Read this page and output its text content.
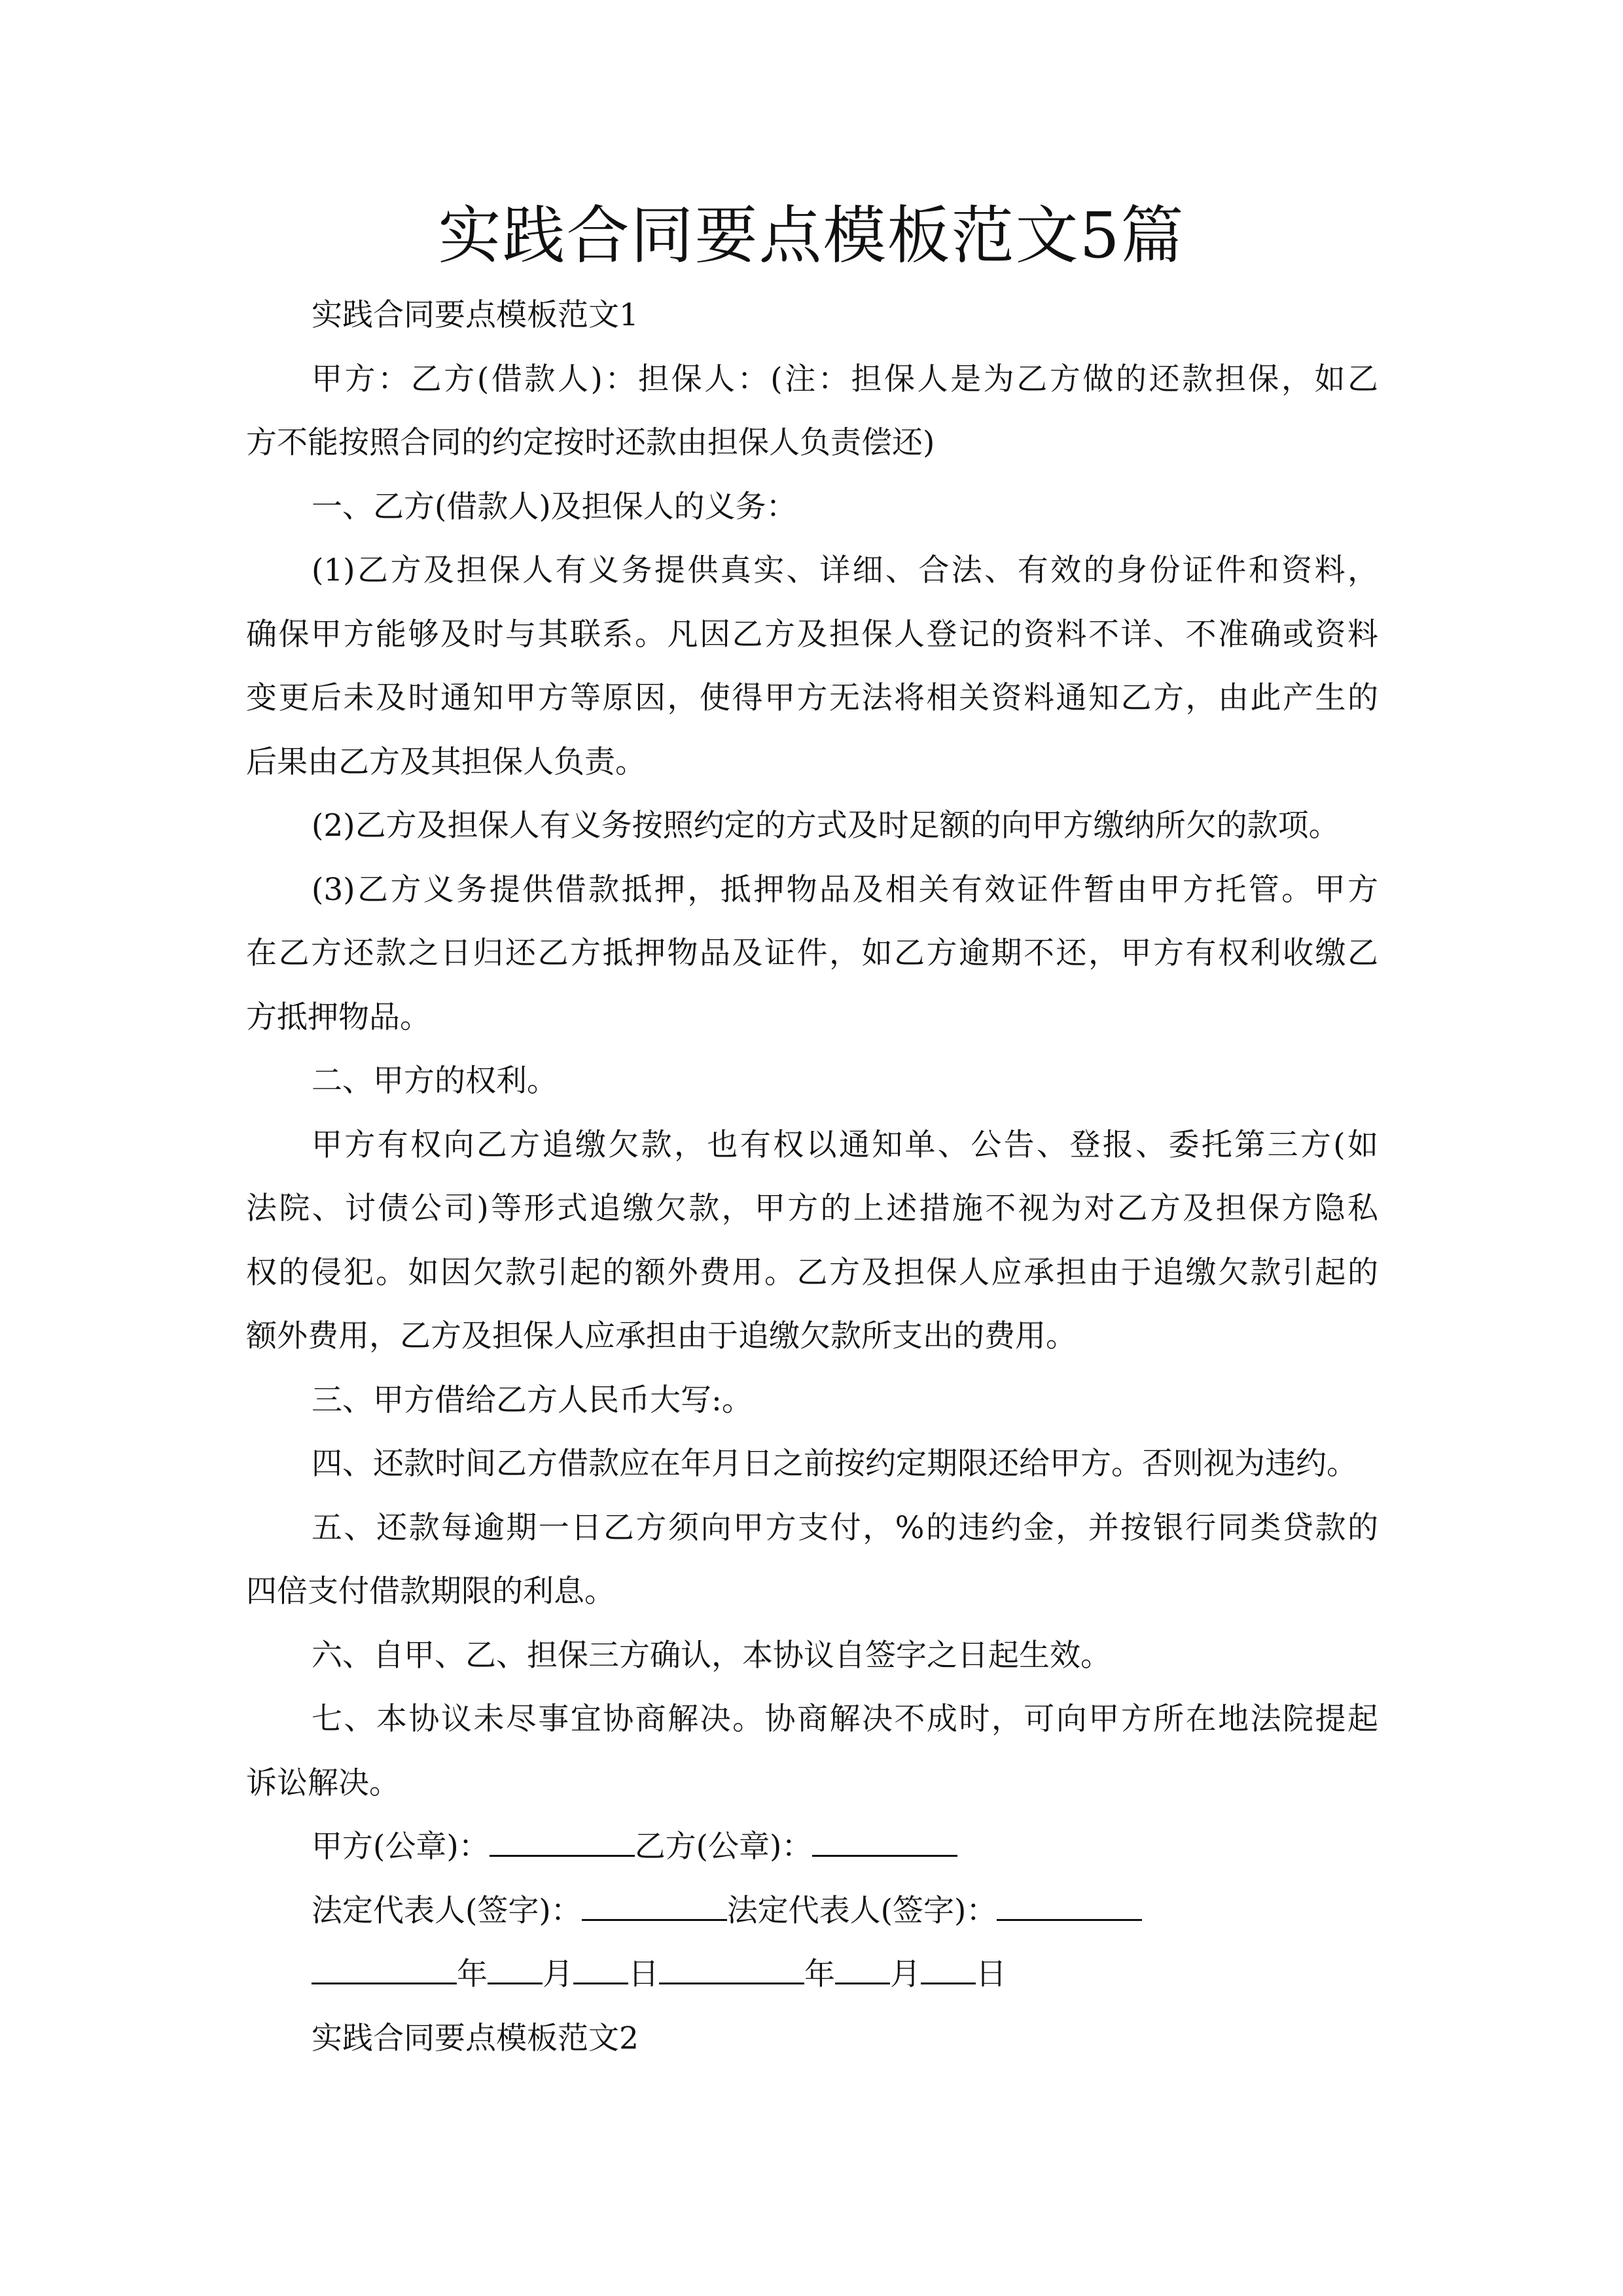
实践合同要点模板范文5篇
实践合同要点模板范文1
甲方：乙方(借款人)：担保人：(注：担保人是为乙方做的还款担保，如乙
方不能按照合同的约定按时还款由担保人负责偿还)
一、乙方(借款人)及担保人的义务：
(1)乙方及担保人有义务提供真实、详细、合法、有效的身份证件和资料，
确保甲方能够及时与其联系。凡因乙方及担保人登记的资料不详、不准确或资料
变更后未及时通知甲方等原因，使得甲方无法将相关资料通知乙方，由此产生的
后果由乙方及其担保人负责。
(2)乙方及担保人有义务按照约定的方式及时足额的向甲方缴纳所欠的款项。
(3)乙方义务提供借款抵押，抵押物品及相关有效证件暂由甲方托管。甲方
在乙方还款之日归还乙方抵押物品及证件，如乙方逾期不还，甲方有权利收缴乙
方抵押物品。
二、甲方的权利。
甲方有权向乙方追缴欠款，也有权以通知单、公告、登报、委托第三方(如
法院、讨债公司)等形式追缴欠款，甲方的上述措施不视为对乙方及担保方隐私
权的侵犯。如因欠款引起的额外费用。乙方及担保人应承担由于追缴欠款引起的
额外费用，乙方及担保人应承担由于追缴欠款所支出的费用。
三、甲方借给乙方人民币大写:。
四、还款时间乙方借款应在年月日之前按约定期限还给甲方。否则视为违约。
五、还款每逾期一日乙方须向甲方支付，%的违约金，并按银行同类贷款的
四倍支付借款期限的利息。
六、自甲、乙、担保三方确认，本协议自签字之日起生效。
七、本协议未尽事宜协商解决。协商解决不成时，可向甲方所在地法院提起
诉讼解决。
甲方(公章)：	乙方(公章)：
法定代表人(签字)：	法定代表人(签字)：
年 月 日	年 月 日
实践合同要点模板范文2
